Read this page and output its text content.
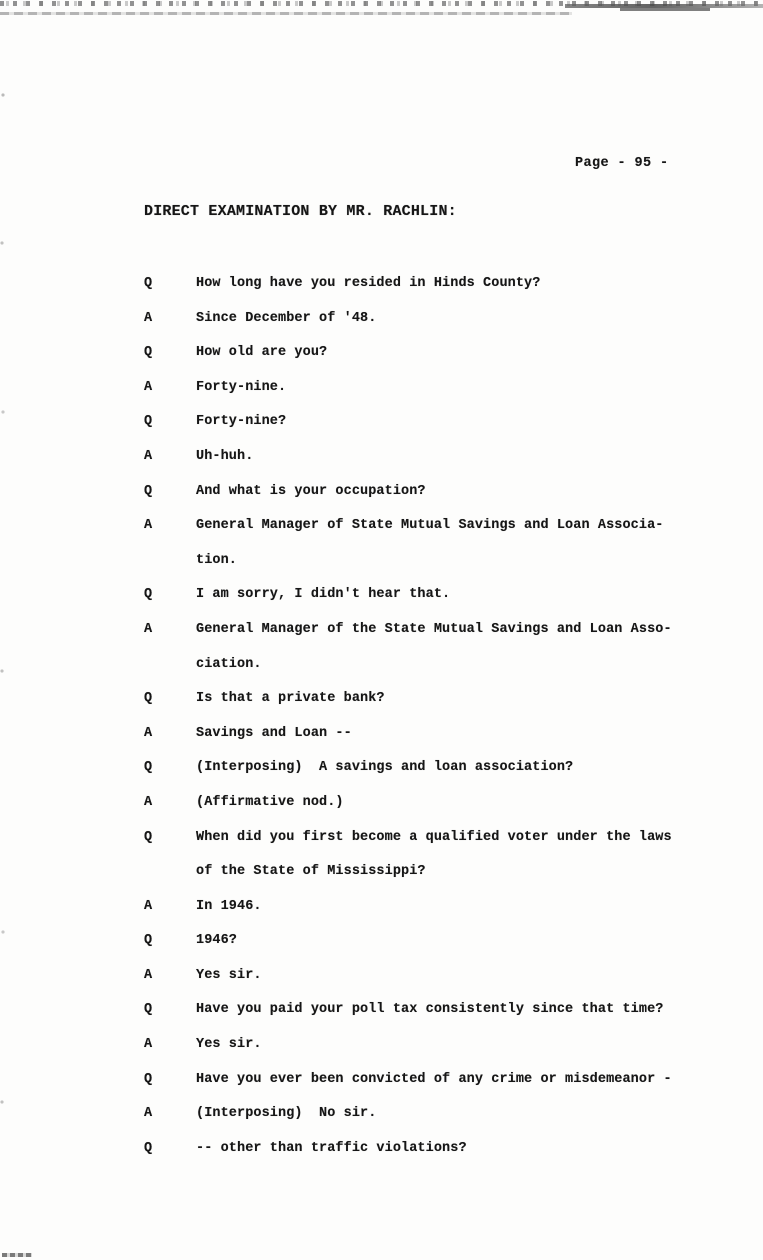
Page - 95 -
DIRECT EXAMINATION BY MR. RACHLIN:
Q	How long have you resided in Hinds County?
A	Since December of '48.
Q	How old are you?
A	Forty-nine.
Q	Forty-nine?
A	Uh-huh.
Q	And what is your occupation?
A	General Manager of State Mutual Savings and Loan Associa-
tion.
Q	I am sorry, I didn't hear that.
A	General Manager of the State Mutual Savings and Loan Asso-
ciation.
Q	Is that a private bank?
A	Savings and Loan --
Q	(Interposing)  A savings and loan association?
A	(Affirmative nod.)
Q	When did you first become a qualified voter under the laws
of the State of Mississippi?
A	In 1946.
Q	1946?
A	Yes sir.
Q	Have you paid your poll tax consistently since that time?
A	Yes sir.
Q	Have you ever been convicted of any crime or misdemeanor -
A	(Interposing)  No sir.
Q	-- other than traffic violations?
